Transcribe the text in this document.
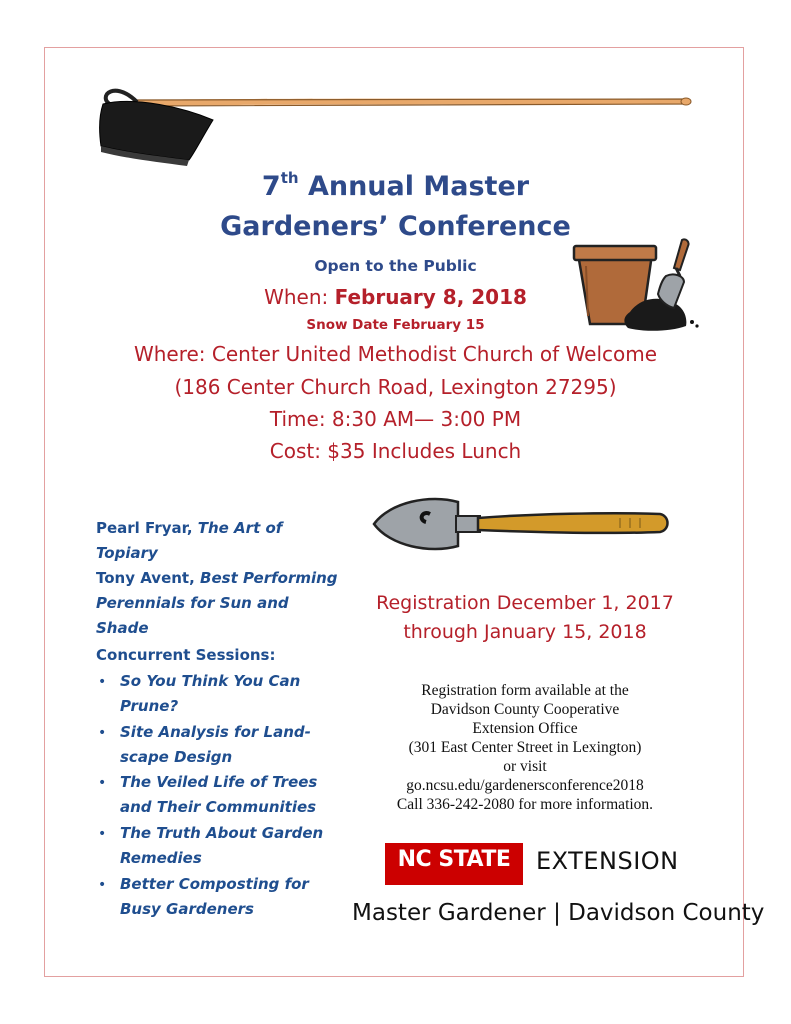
7th Annual Master
Gardeners’ Conference
Open to the Public
When: February 8, 2018
Snow Date February 15
Where: Center United Methodist Church of Welcome
(186 Center Church Road, Lexington 27295)
Time: 8:30 AM— 3:00 PM
Cost: $35 Includes Lunch
Pearl Fryar, The Art of
Topiary
Tony Avent, Best Performing
Perennials for Sun and
Shade
Concurrent Sessions:
• So You Think You Can
Prune?
• Site Analysis for Land-
scape Design
• The Veiled Life of Trees
and Their Communities
• The Truth About Garden
Remedies
• Better Composting for
Busy Gardeners
Registration December 1, 2017
through January 15, 2018
Registration form available at the
Davidson County Cooperative
Extension Office
(301 East Center Street in Lexington)
or visit
go.ncsu.edu/gardenersconference2018
Call 336-242-2080 for more information.
NC STATE	EXTENSION
Master Gardener | Davidson County
